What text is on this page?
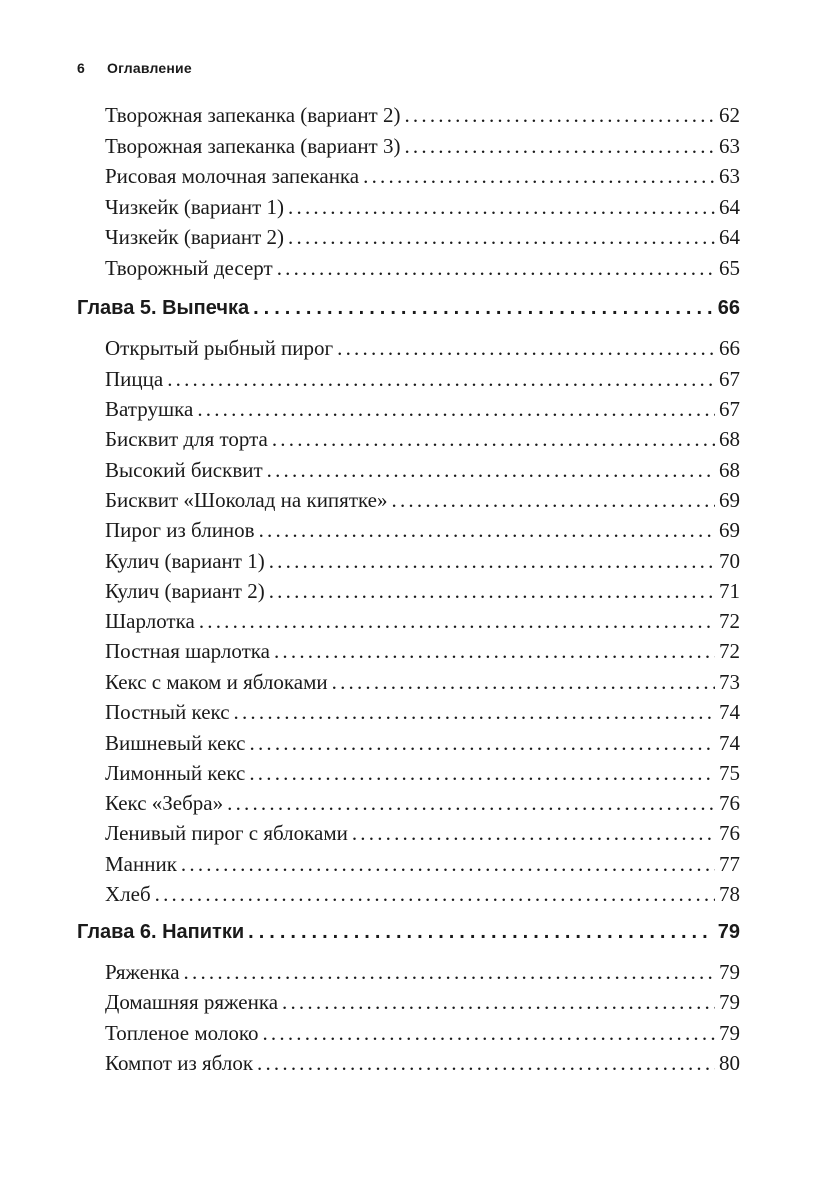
6 Оглавление
Творожная запеканка (вариант 2) .....	62
Творожная запеканка (вариант 3) .....	63
Рисовая молочная запеканка .....	63
Чизкейк (вариант 1) .....	64
Чизкейк (вариант 2) .....	64
Творожный десерт .....	65
Глава 5. Выпечка .....	66
Открытый рыбный пирог .....	66
Пицца .....	67
Ватрушка .....	67
Бисквит для торта .....	68
Высокий бисквит .....	68
Бисквит «Шоколад на кипятке» .....	69
Пирог из блинов .....	69
Кулич (вариант 1) .....	70
Кулич (вариант 2) .....	71
Шарлотка .....	72
Постная шарлотка .....	72
Кекс с маком и яблоками .....	73
Постный кекс .....	74
Вишневый кекс .....	74
Лимонный кекс .....	75
Кекс «Зебра» .....	76
Ленивый пирог с яблоками .....	76
Манник .....	77
Хлеб .....	78
Глава 6. Напитки .....	79
Ряженка .....	79
Домашняя ряженка .....	79
Топленое молоко .....	79
Компот из яблок .....	80
